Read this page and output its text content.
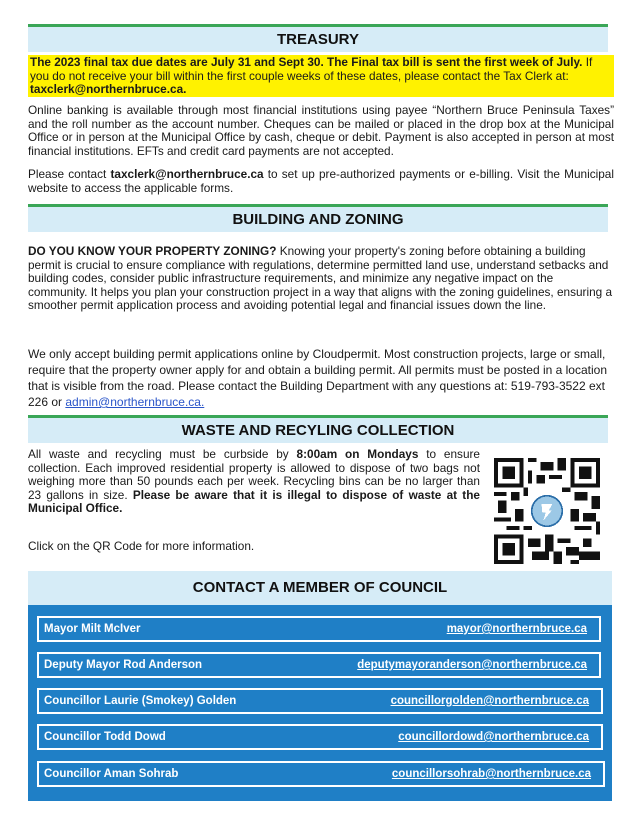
TREASURY
The 2023 final tax due dates are July 31 and Sept 30. The Final tax bill is sent the first week of July. If you do not receive your bill within the first couple weeks of these dates, please contact the Tax Clerk at: taxclerk@northernbruce.ca.
Online banking is available through most financial institutions using payee “Northern Bruce Peninsula Taxes” and the roll number as the account number. Cheques can be mailed or placed in the drop box at the Municipal Office or in person at the Municipal Office by cash, cheque or debit. Payment is also accepted in person at most financial institutions. EFTs and credit card payments are not accepted.
Please contact taxclerk@northernbruce.ca to set up pre-authorized payments or e-billing. Visit the Municipal website to access the applicable forms.
BUILDING AND ZONING
DO YOU KNOW YOUR PROPERTY ZONING? Knowing your property's zoning before obtaining a building permit is crucial to ensure compliance with regulations, determine permitted land use, understand setbacks and building codes, consider public infrastructure requirements, and minimize any negative impact on the community. It helps you plan your construction project in a way that aligns with the zoning guidelines, ensuring a smoother permit application process and avoiding potential legal and financial issues down the line.
We only accept building permit applications online by Cloudpermit. Most construction projects, large or small, require that the property owner apply for and obtain a building permit. All permits must be posted in a location that is visible from the road. Please contact the Building Department with any questions at: 519-793-3522 ext 226 or admin@northernbruce.ca.
WASTE AND RECYLING COLLECTION
All waste and recycling must be curbside by 8:00am on Mondays to ensure collection. Each improved residential property is allowed to dispose of two bags not weighing more than 50 pounds each per week. Recycling bins can be no larger than 23 gallons in size. Please be aware that it is illegal to dispose of waste at the Municipal Office.
Click on the QR Code for more information.
CONTACT A MEMBER OF COUNCIL
Mayor Milt McIver	mayor@northernbruce.ca
Deputy Mayor Rod Anderson	deputymayoranderson@northernbruce.ca
Councillor Laurie (Smokey) Golden	councillorgolden@northernbruce.ca
Councillor Todd Dowd	councillordowd@northernbruce.ca
Councillor Aman Sohrab	councillorsohrab@northernbruce.ca
